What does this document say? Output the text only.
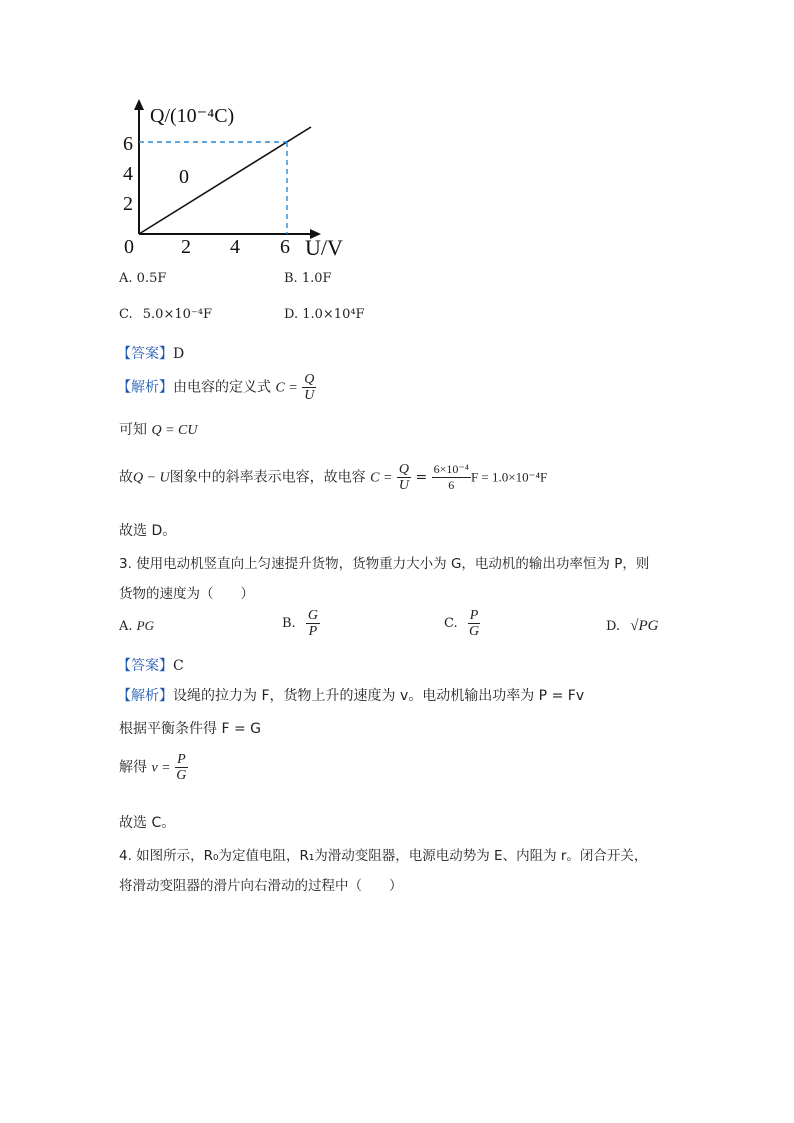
Q/(10⁻⁴C)
6
4
2
0
0 2 4 6 U/V
A. 0.5F	B. 1.0F
C. 5.0×10⁻⁴F	D. 1.0×10⁴F
【答案】D
【解析】由电容的定义式 $C = \frac{Q}{U}$
可知 Q = CU
故Q − U图象中的斜率表示电容，故电容 $C = \frac{Q}{U} = \frac{\text{6×10⁻⁴}}{6}$ F = 1.0×10⁻⁴F
故选 D。
3. 使用电动机竖直向上匀速提升货物，货物重力大小为 G，电动机的输出功率恒为 P，则
货物的速度为（　　）
A. PG	B. $\frac{G}{P}$	C. $\frac{P}{G}$	D. √PG
【答案】C
【解析】设绳的拉力为 F，货物上升的速度为 v。电动机输出功率为 P = Fv
根据平衡条件得 F = G
解得 $v = \frac{P}{G}$
故选 C。
4. 如图所示，R₀为定值电阻，R₁为滑动变阻器，电源电动势为 E、内阻为 r。闭合开关，
将滑动变阻器的滑片向右滑动的过程中（　　）
